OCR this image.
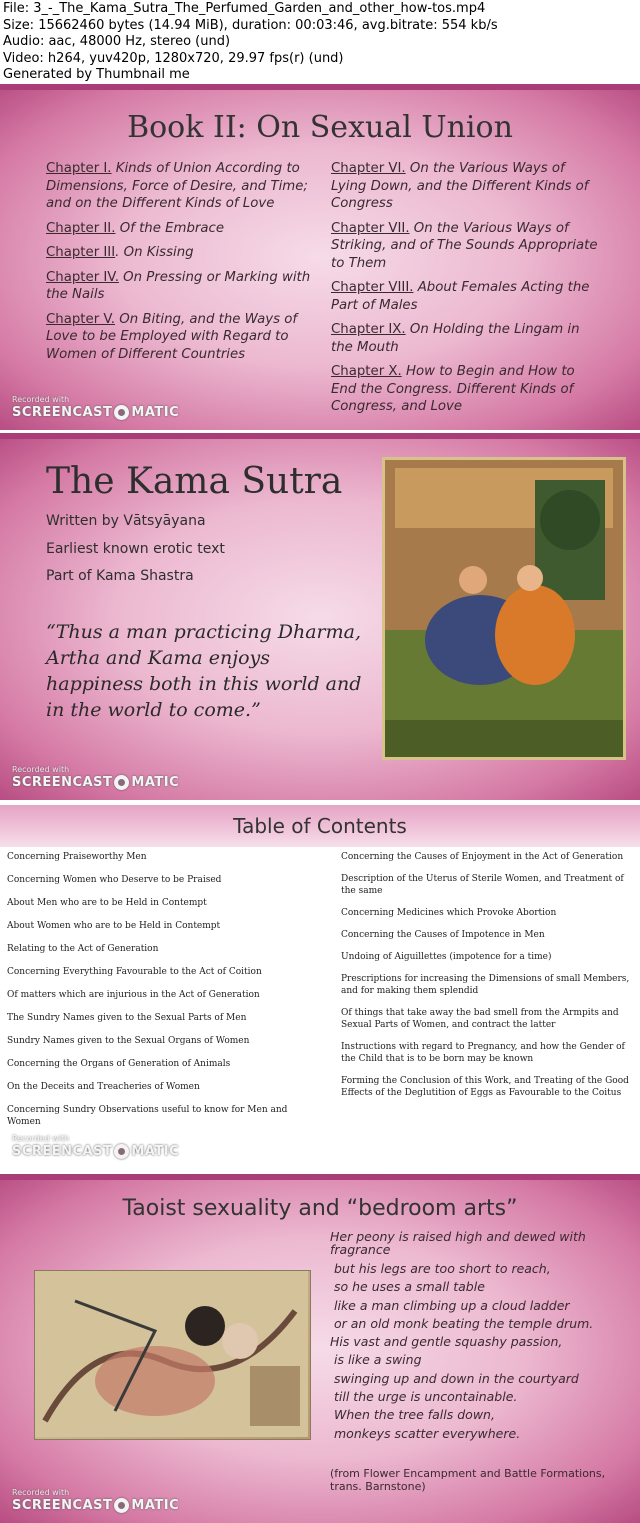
File: 3_-_The_Kama_Sutra_The_Perfumed_Garden_and_other_how-tos.mp4
Size: 15662460 bytes (14.94 MiB), duration: 00:03:46, avg.bitrate: 554 kb/s
Audio: aac, 48000 Hz, stereo (und)
Video: h264, yuv420p, 1280x720, 29.97 fps(r) (und)
Generated by Thumbnail me
Book II: On Sexual Union
Chapter I. Kinds of Union According to Dimensions, Force of Desire, and Time; and on the Different Kinds of Love
Chapter II. Of the Embrace
Chapter III. On Kissing
Chapter IV. On Pressing or Marking with the Nails
Chapter V. On Biting, and the Ways of Love to be Employed with Regard to Women of Different Countries
Chapter VI. On the Various Ways of Lying Down, and the Different Kinds of Congress
Chapter VII. On the Various Ways of Striking, and of The Sounds Appropriate to Them
Chapter VIII. About Females Acting the Part of Males
Chapter IX. On Holding the Lingam in the Mouth
Chapter X. How to Begin and How to End the Congress. Different Kinds of Congress, and Love
Recorded with
SCREENCAST MATIC
The Kama Sutra
Written by Vātsyāyana
Earliest known erotic text
Part of Kama Shastra
“Thus a man practicing Dharma, Artha and Kama enjoys happiness both in this world and in the world to come.”
Recorded with
SCREENCAST MATIC
Table of Contents
Concerning Praiseworthy Men
Concerning Women who Deserve to be Praised
About Men who are to be Held in Contempt
About Women who are to be Held in Contempt
Relating to the Act of Generation
Concerning Everything Favourable to the Act of Coition
Of matters which are injurious in the Act of Generation
The Sundry Names given to the Sexual Parts of Men
Sundry Names given to the Sexual Organs of Women
Concerning the Organs of Generation of Animals
On the Deceits and Treacheries of Women
Concerning Sundry Observations useful to know for Men and Women
Concerning the Causes of Enjoyment in the Act of Generation
Description of the Uterus of Sterile Women, and Treatment of the same
Concerning Medicines which Provoke Abortion
Concerning the Causes of Impotence in Men
Undoing of Aiguillettes (impotence for a time)
Prescriptions for increasing the Dimensions of small Members, and for making them splendid
Of things that take away the bad smell from the Armpits and Sexual Parts of Women, and contract the latter
Instructions with regard to Pregnancy, and how the Gender of the Child that is to be born may be known
Forming the Conclusion of this Work, and Treating of the Good Effects of the Deglutition of Eggs as Favourable to the Coitus
Recorded with
SCREENCAST MATIC
Taoist sexuality and “bedroom arts”
Her peony is raised high and dewed with fragrance
but his legs are too short to reach,
so he uses a small table
like a man climbing up a cloud ladder
or an old monk beating the temple drum.
His vast and gentle squashy passion,
is like a swing
swinging up and down in the courtyard
till the urge is uncontainable.
When the tree falls down,
monkeys scatter everywhere.
(from Flower Encampment and Battle Formations, trans. Barnstone)
Recorded with
SCREENCAST MATIC
